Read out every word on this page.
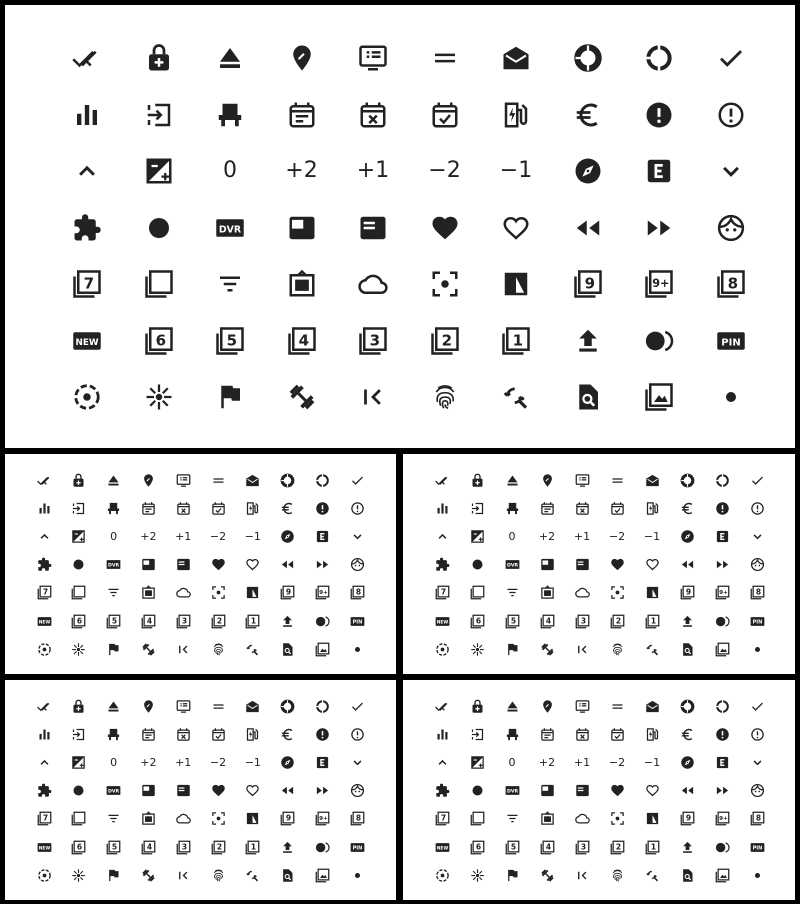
0 +2 +1 −2 −1
DVR
7	9	9+	8
NEW	6	5	4	3	2	1	PIN
0 +2 +1 −2 −1
DVR
7	9	9+ 8
NEW 6 5 4 3 2 1	PIN
0 +2 +1 −2 −1
DVR
7	9	9+ 8
NEW 6 5 4 3 2 1	PIN
0 +2 +1 −2 −1
DVR
7	9	9+ 8
NEW 6 5 4 3 2 1	PIN
0 +2 +1 −2 −1
DVR
7	9	9+ 8
NEW 6 5 4 3 2 1	PIN
